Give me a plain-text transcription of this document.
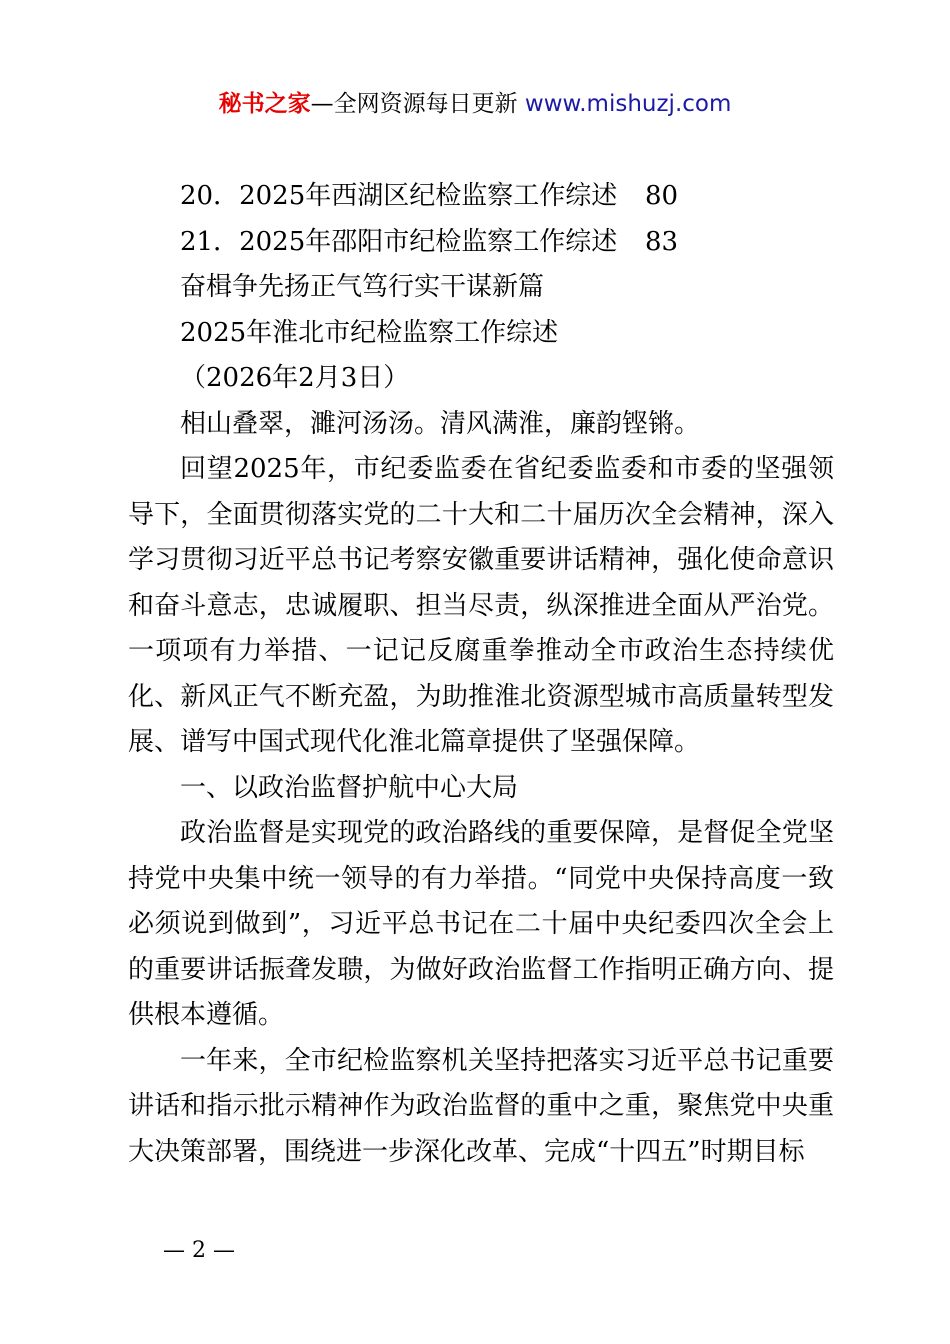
秘书之家—全网资源每日更新 www.mishuzj.com
20．2025年西湖区纪检监察工作综述	80
21．2025年邵阳市纪检监察工作综述	83
奋楫争先扬正气笃行实干谋新篇
2025年淮北市纪检监察工作综述
（2026年2月3日）
相山叠翠，濉河汤汤。清风满淮，廉韵铿锵。

回望2025年，市纪委监委在省纪委监委和市委的坚强领导下，全面贯彻落实党的二十大和二十届历次全会精神，深入学习贯彻习近平总书记考察安徽重要讲话精神，强化使命意识和奋斗意志，忠诚履职、担当尽责，纵深推进全面从严治党。一项项有力举措、一记记反腐重拳推动全市政治生态持续优化、新风正气不断充盈，为助推淮北资源型城市高质量转型发展、谱写中国式现代化淮北篇章提供了坚强保障。

一、以政治监督护航中心大局

政治监督是实现党的政治路线的重要保障，是督促全党坚持党中央集中统一领导的有力举措。“同党中央保持高度一致必须说到做到”，习近平总书记在二十届中央纪委四次全会上的重要讲话振聋发聩，为做好政治监督工作指明正确方向、提供根本遵循。

一年来，全市纪检监察机关坚持把落实习近平总书记重要讲话和指示批示精神作为政治监督的重中之重，聚焦党中央重大决策部署，围绕进一步深化改革、完成“十四五”时期目标

— 2 —
